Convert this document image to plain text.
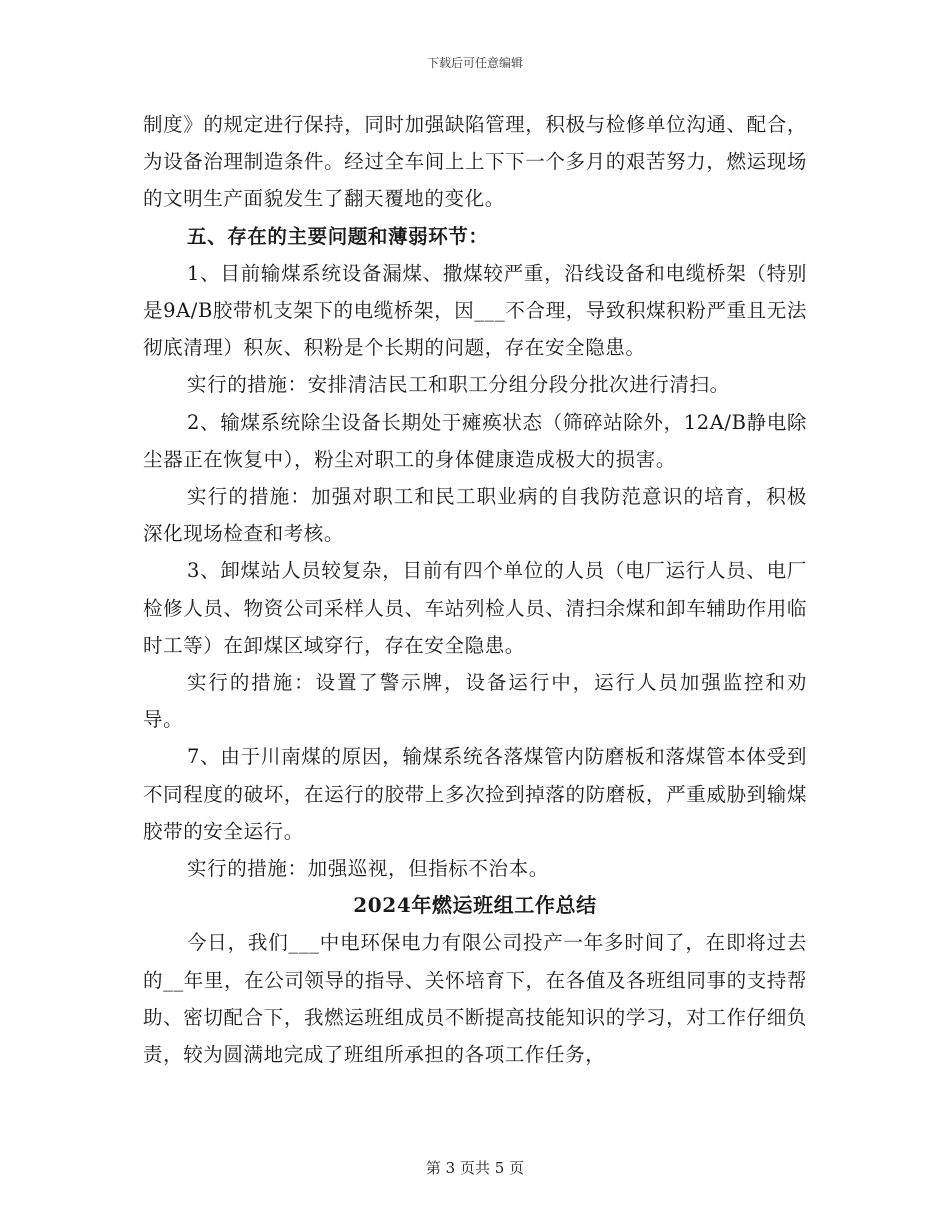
下载后可任意编辑

制度》的规定进行保持，同时加强缺陷管理，积极与检修单位沟通、配合，为设备治理制造条件。经过全车间上上下下一个多月的艰苦努力，燃运现场的文明生产面貌发生了翻天覆地的变化。

五、存在的主要问题和薄弱环节：

1、目前输煤系统设备漏煤、撒煤较严重，沿线设备和电缆桥架（特别是9A/B胶带机支架下的电缆桥架，因___不合理，导致积煤积粉严重且无法彻底清理）积灰、积粉是个长期的问题，存在安全隐患。

实行的措施：安排清洁民工和职工分组分段分批次进行清扫。

2、输煤系统除尘设备长期处于瘫痪状态（筛碎站除外，12A/B静电除尘器正在恢复中），粉尘对职工的身体健康造成极大的损害。

实行的措施：加强对职工和民工职业病的自我防范意识的培育，积极深化现场检查和考核。

3、卸煤站人员较复杂，目前有四个单位的人员（电厂运行人员、电厂检修人员、物资公司采样人员、车站列检人员、清扫余煤和卸车辅助作用临时工等）在卸煤区域穿行，存在安全隐患。

实行的措施：设置了警示牌，设备运行中，运行人员加强监控和劝导。

7、由于川南煤的原因，输煤系统各落煤管内防磨板和落煤管本体受到不同程度的破坏，在运行的胶带上多次捡到掉落的防磨板，严重威胁到输煤胶带的安全运行。

实行的措施：加强巡视，但指标不治本。

2024年燃运班组工作总结

今日，我们___中电环保电力有限公司投产一年多时间了，在即将过去的__年里，在公司领导的指导、关怀培育下，在各值及各班组同事的支持帮助、密切配合下，我燃运班组成员不断提高技能知识的学习，对工作仔细负责，较为圆满地完成了班组所承担的各项工作任务，

第 3 页共 5 页
